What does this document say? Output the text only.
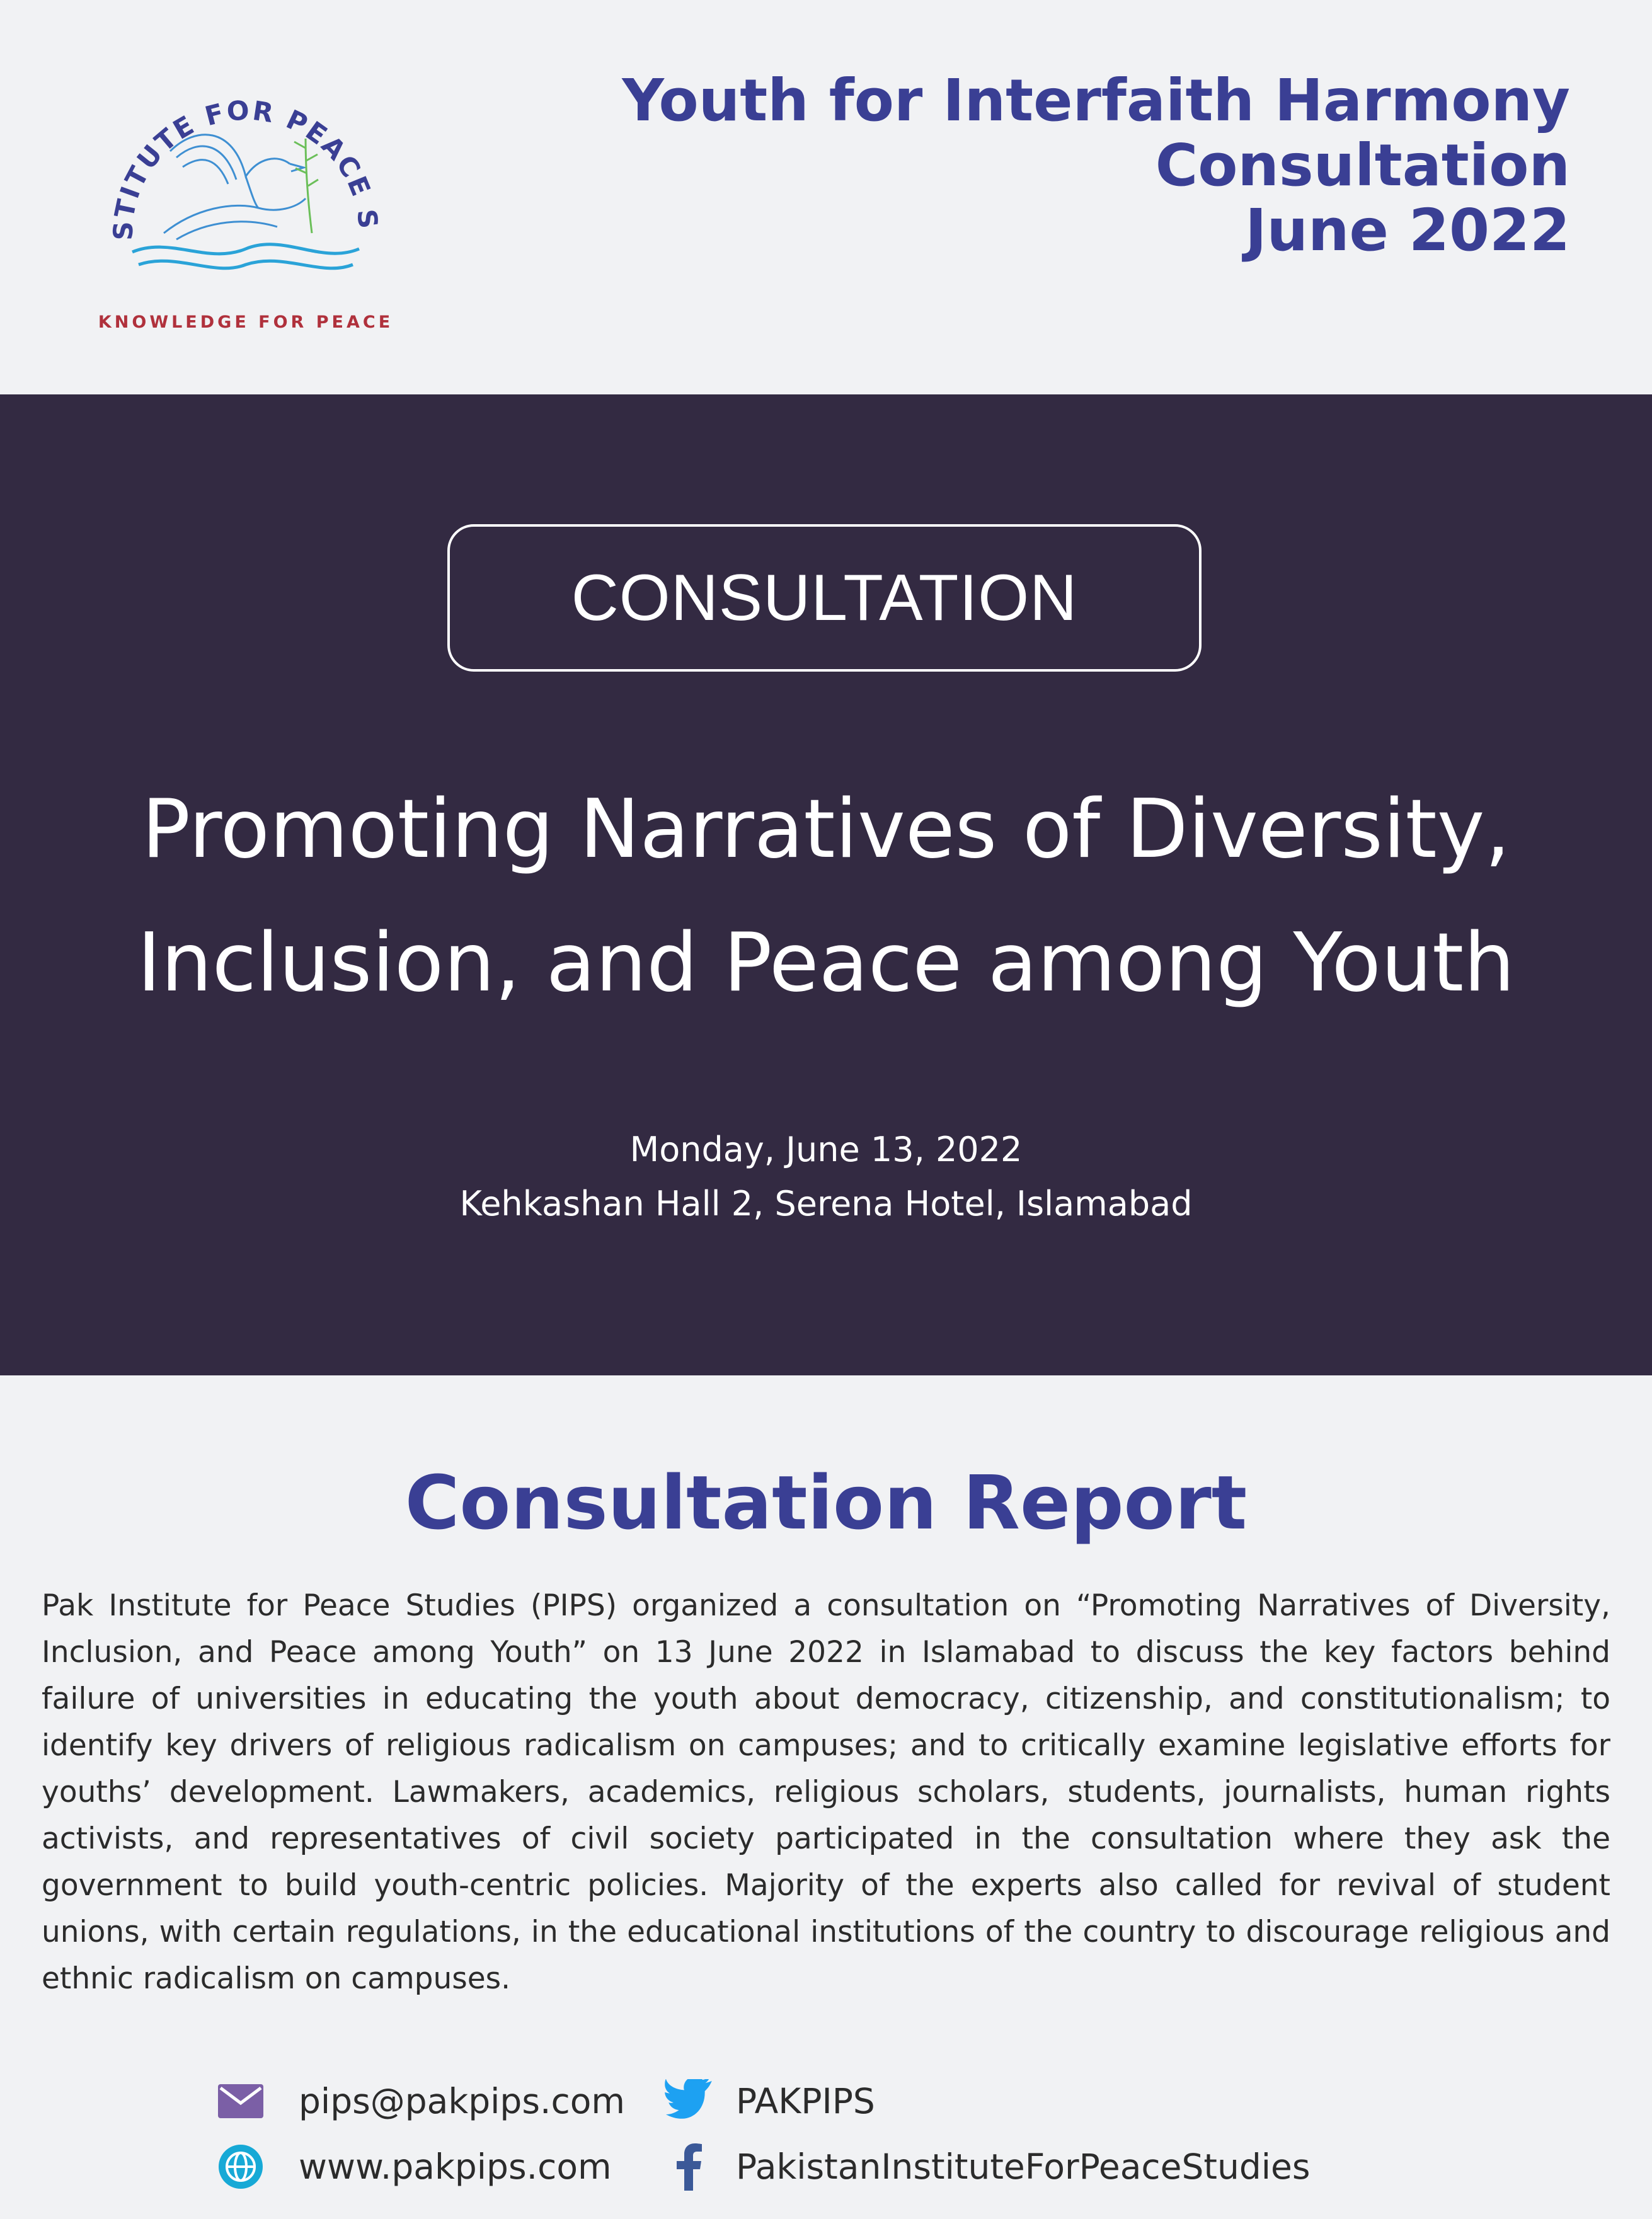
STITUTE FOR PEACE S
KNOWLEDGE FOR PEACE
Youth for Interfaith Harmony
Consultation
June 2022
CONSULTATION
Promoting Narratives of Diversity,
Inclusion, and Peace among Youth
Monday, June 13, 2022
Kehkashan Hall 2, Serena Hotel, Islamabad
Consultation Report

Pak Institute for Peace Studies (PIPS) organized a consultation on “Promoting Narratives of Diversity, Inclusion, and Peace among Youth” on 13 June 2022 in Islamabad to discuss the key factors behind failure of universities in educating the youth about democracy, citizenship, and constitutionalism; to identify key drivers of religious radicalism on campuses; and to critically examine legislative efforts for youths’ development. Lawmakers, academics, religious scholars, students, journalists, human rights activists, and representatives of civil society participated in the consultation where they ask the government to build youth-centric policies. Majority of the experts also called for revival of student unions, with certain regulations, in the educational institutions of the country to discourage religious and ethnic radicalism on campuses.

pips@pakpips.com
www.pakpips.com
PAKPIPS
PakistanInstituteForPeaceStudies
